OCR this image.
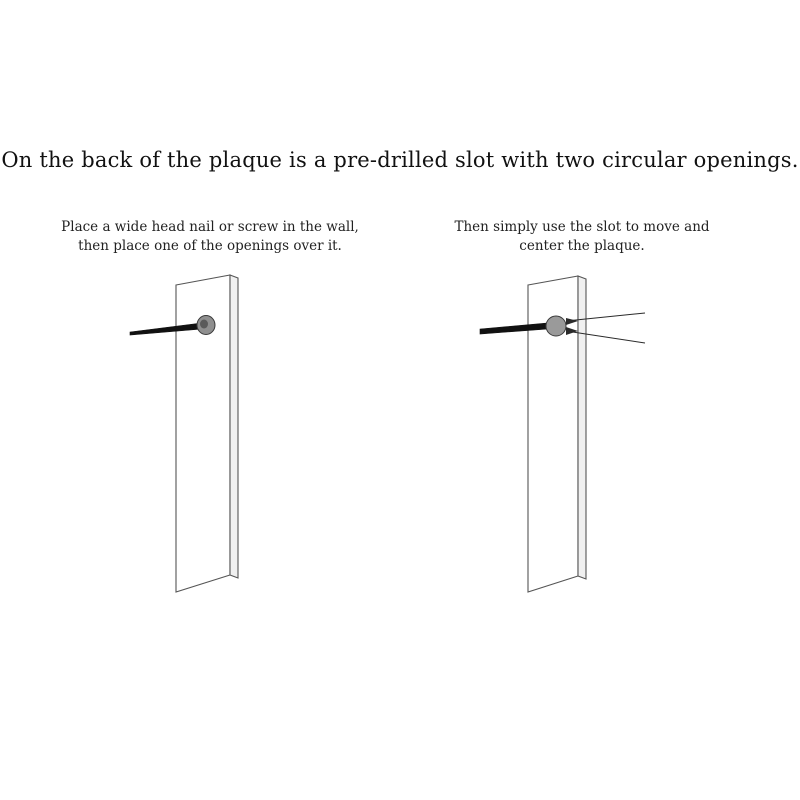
On the back of the plaque is a pre-drilled slot with two circular openings.
Place a wide head nail or screw in the wall,
then place one of the openings over it.
Then simply use the slot to move and
center the plaque.
